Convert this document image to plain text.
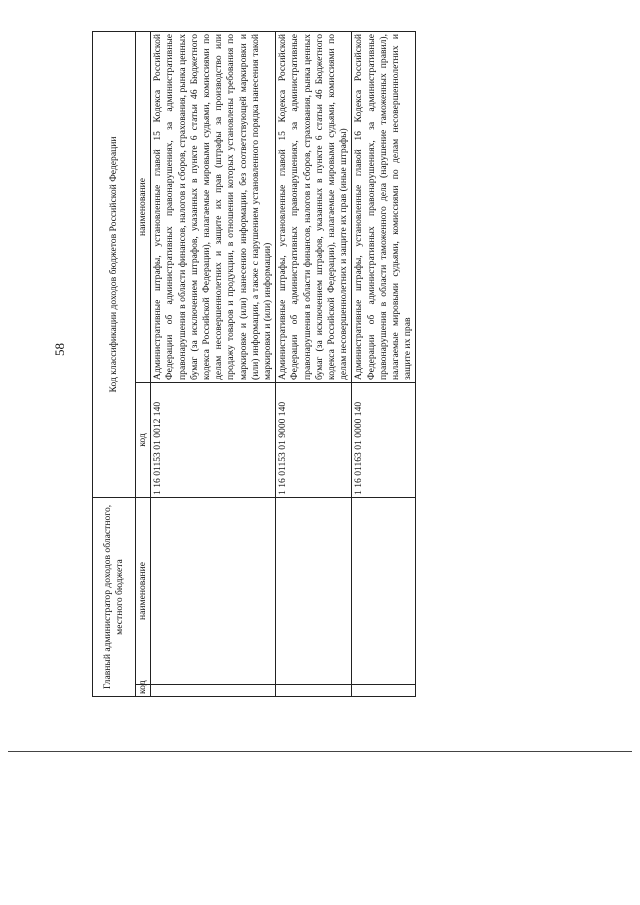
58
Главный администратор доходов областного, местного бюджета		Код классификации доходов бюджетов Российской Федерации	
код	наименование	код	наименование
		1 16 01153 01 0012 140	Административные штрафы, установленные главой 15 Кодекса Российской Федерации об административных правонарушениях, за административные правонарушения в области финансов, налогов и сборов, страхования, рынка ценных бумаг (за исключением штрафов, указанных в пункте 6 статьи 46 Бюджетного кодекса Российской Федерации), налагаемые мировыми судьями, комиссиями по делам несовершеннолетних и защите их прав (штрафы за производство или продажу товаров и продукции, в отношении которых установлены требования по маркировке и (или) нанесению информации, без соответствующей маркировки и (или) информации, а также с нарушением установленного порядка нанесения такой маркировки и (или) информации)
		1 16 01153 01 9000 140	Административные штрафы, установленные главой 15 Кодекса Российской Федерации об административных правонарушениях, за административные правонарушения в области финансов, налогов и сборов, страхования, рынка ценных бумаг (за исключением штрафов, указанных в пункте 6 статьи 46 Бюджетного кодекса Российской Федерации), налагаемые мировыми судьями, комиссиями по делам несовершеннолетних и защите их прав (иные штрафы)
		1 16 01163 01 0000 140	Административные штрафы, установленные главой 16 Кодекса Российской Федерации об административных правонарушениях, за административные правонарушения в области таможенного дела (нарушение таможенных правил), налагаемые мировыми судьями, комиссиями по делам несовершеннолетних и защите их прав
